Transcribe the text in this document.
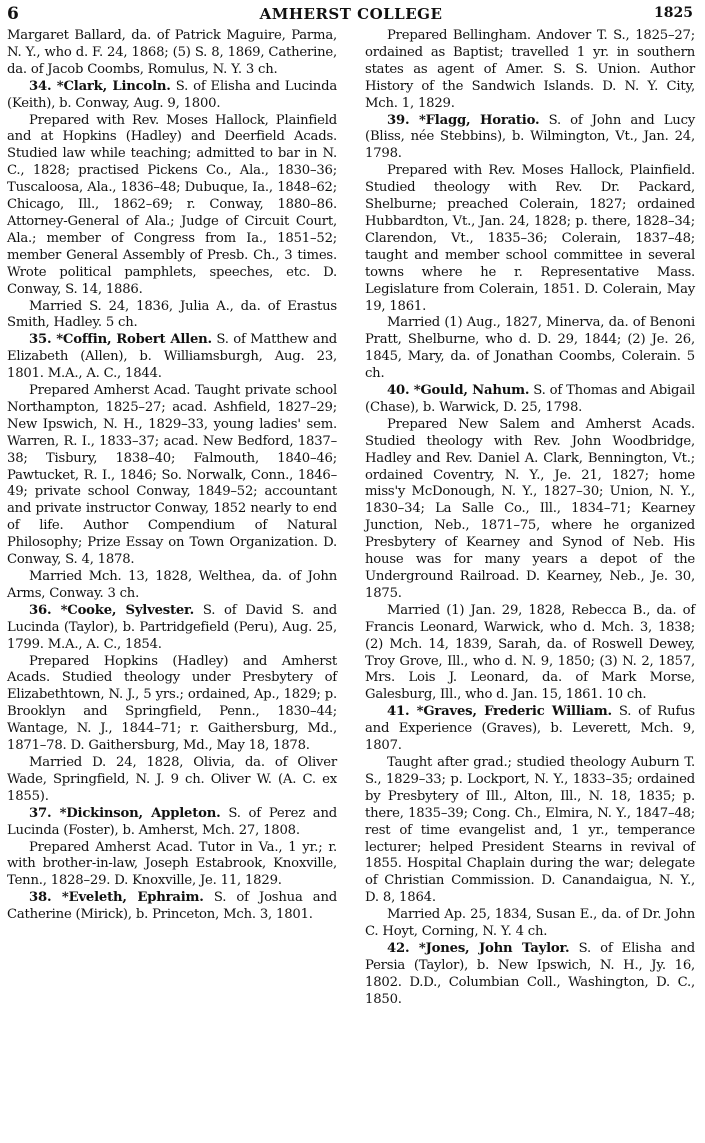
6	AMHERST COLLEGE	1825

Margaret Ballard, da. of Patrick Maguire, Parma, N. Y., who d. F. 24, 1868; (5) S. 8, 1869, Catherine, da. of Jacob Coombs, Romulus, N. Y. 3 ch.

34. *Clark, Lincoln. S. of Elisha and Lucinda (Keith), b. Conway, Aug. 9, 1800.

Prepared with Rev. Moses Hallock, Plainfield and at Hopkins (Hadley) and Deerfield Acads. Studied law while teaching; admitted to bar in N. C., 1828; practised Pickens Co., Ala., 1830–36; Tuscaloosa, Ala., 1836–48; Dubuque, Ia., 1848–62; Chicago, Ill., 1862–69; r. Conway, 1880–86. Attorney-General of Ala.; Judge of Circuit Court, Ala.; member of Congress from Ia., 1851–52; member General Assembly of Presb. Ch., 3 times. Wrote political pamphlets, speeches, etc. D. Conway, S. 14, 1886.

Married S. 24, 1836, Julia A., da. of Erastus Smith, Hadley. 5 ch.

35. *Coffin, Robert Allen. S. of Matthew and Elizabeth (Allen), b. Williamsburgh, Aug. 23, 1801. M.A., A. C., 1844.

Prepared Amherst Acad. Taught private school Northampton, 1825–27; acad. Ashfield, 1827–29; New Ipswich, N. H., 1829–33, young ladies' sem. Warren, R. I., 1833–37; acad. New Bedford, 1837–38; Tisbury, 1838–40; Falmouth, 1840–46; Pawtucket, R. I., 1846; So. Norwalk, Conn., 1846–49; private school Conway, 1849–52; accountant and private instructor Conway, 1852 nearly to end of life. Author Compendium of Natural Philosophy; Prize Essay on Town Organization. D. Conway, S. 4, 1878.

Married Mch. 13, 1828, Welthea, da. of John Arms, Conway. 3 ch.

36. *Cooke, Sylvester. S. of David S. and Lucinda (Taylor), b. Partridgefield (Peru), Aug. 25, 1799. M.A., A. C., 1854.

Prepared Hopkins (Hadley) and Amherst Acads. Studied theology under Presbytery of Elizabethtown, N. J., 5 yrs.; ordained, Ap., 1829; p. Brooklyn and Springfield, Penn., 1830–44; Wantage, N. J., 1844–71; r. Gaithersburg, Md., 1871–78. D. Gaithersburg, Md., May 18, 1878.

Married D. 24, 1828, Olivia, da. of Oliver Wade, Springfield, N. J. 9 ch. Oliver W. (A. C. ex 1855).

37. *Dickinson, Appleton. S. of Perez and Lucinda (Foster), b. Amherst, Mch. 27, 1808.

Prepared Amherst Acad. Tutor in Va., 1 yr.; r. with brother-in-law, Joseph Estabrook, Knoxville, Tenn., 1828–29. D. Knoxville, Je. 11, 1829.

38. *Eveleth, Ephraim. S. of Joshua and Catherine (Mirick), b. Princeton, Mch. 3, 1801.

Prepared Bellingham. Andover T. S., 1825–27; ordained as Baptist; travelled 1 yr. in southern states as agent of Amer. S. S. Union. Author History of the Sandwich Islands. D. N. Y. City, Mch. 1, 1829.

39. *Flagg, Horatio. S. of John and Lucy (Bliss, née Stebbins), b. Wilmington, Vt., Jan. 24, 1798.

Prepared with Rev. Moses Hallock, Plainfield. Studied theology with Rev. Dr. Packard, Shelburne; preached Colerain, 1827; ordained Hubbardton, Vt., Jan. 24, 1828; p. there, 1828–34; Clarendon, Vt., 1835–36; Colerain, 1837–48; taught and member school committee in several towns where he r. Representative Mass. Legislature from Colerain, 1851. D. Colerain, May 19, 1861.

Married (1) Aug., 1827, Minerva, da. of Benoni Pratt, Shelburne, who d. D. 29, 1844; (2) Je. 26, 1845, Mary, da. of Jonathan Coombs, Colerain. 5 ch.

40. *Gould, Nahum. S. of Thomas and Abigail (Chase), b. Warwick, D. 25, 1798.

Prepared New Salem and Amherst Acads. Studied theology with Rev. John Woodbridge, Hadley and Rev. Daniel A. Clark, Bennington, Vt.; ordained Coventry, N. Y., Je. 21, 1827; home miss'y McDonough, N. Y., 1827–30; Union, N. Y., 1830–34; La Salle Co., Ill., 1834–71; Kearney Junction, Neb., 1871–75, where he organized Presbytery of Kearney and Synod of Neb. His house was for many years a depot of the Underground Railroad. D. Kearney, Neb., Je. 30, 1875.

Married (1) Jan. 29, 1828, Rebecca B., da. of Francis Leonard, Warwick, who d. Mch. 3, 1838; (2) Mch. 14, 1839, Sarah, da. of Roswell Dewey, Troy Grove, Ill., who d. N. 9, 1850; (3) N. 2, 1857, Mrs. Lois J. Leonard, da. of Mark Morse, Galesburg, Ill., who d. Jan. 15, 1861. 10 ch.

41. *Graves, Frederic William. S. of Rufus and Experience (Graves), b. Leverett, Mch. 9, 1807.

Taught after grad.; studied theology Auburn T. S., 1829–33; p. Lockport, N. Y., 1833–35; ordained by Presbytery of Ill., Alton, Ill., N. 18, 1835; p. there, 1835–39; Cong. Ch., Elmira, N. Y., 1847–48; rest of time evangelist and, 1 yr., temperance lecturer; helped President Stearns in revival of 1855. Hospital Chaplain during the war; delegate of Christian Commission. D. Canandaigua, N. Y., D. 8, 1864.

Married Ap. 25, 1834, Susan E., da. of Dr. John C. Hoyt, Corning, N. Y. 4 ch.

42. *Jones, John Taylor. S. of Elisha and Persia (Taylor), b. New Ipswich, N. H., Jy. 16, 1802. D.D., Columbian Coll., Washington, D. C., 1850.
